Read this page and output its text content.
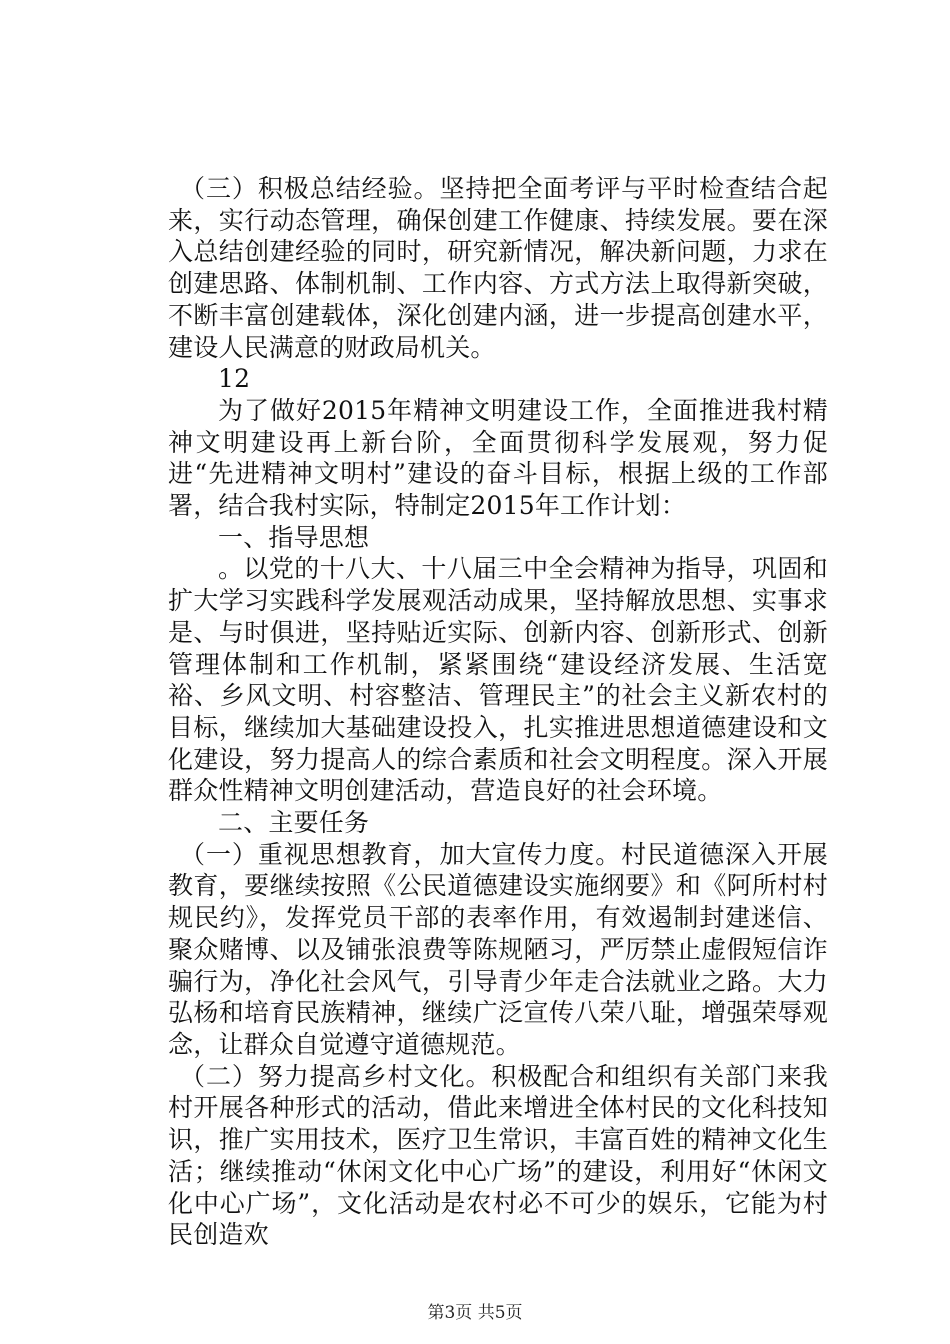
（三）积极总结经验。坚持把全面考评与平时检查结合起来，实行动态管理，确保创建工作健康、持续发展。要在深入总结创建经验的同时，研究新情况，解决新问题，力求在创建思路、体制机制、工作内容、方式方法上取得新突破，不断丰富创建载体，深化创建内涵，进一步提高创建水平，建设人民满意的财政局机关。

12

为了做好2015年精神文明建设工作，全面推进我村精神文明建设再上新台阶，全面贯彻科学发展观，努力促进“先进精神文明村”建设的奋斗目标，根据上级的工作部署，结合我村实际，特制定2015年工作计划：

一、指导思想

。以党的十八大、十八届三中全会精神为指导，巩固和扩大学习实践科学发展观活动成果，坚持解放思想、实事求是、与时俱进，坚持贴近实际、创新内容、创新形式、创新管理体制和工作机制，紧紧围绕“建设经济发展、生活宽裕、乡风文明、村容整洁、管理民主”的社会主义新农村的目标，继续加大基础建设投入，扎实推进思想道德建设和文化建设，努力提高人的综合素质和社会文明程度。深入开展群众性精神文明创建活动，营造良好的社会环境。

二、主要任务

（一）重视思想教育，加大宣传力度。村民道德深入开展教育，要继续按照《公民道德建设实施纲要》和《阿所村村规民约》，发挥党员干部的表率作用，有效遏制封建迷信、聚众赌博、以及铺张浪费等陈规陋习，严厉禁止虚假短信诈骗行为，净化社会风气，引导青少年走合法就业之路。大力弘杨和培育民族精神，继续广泛宣传八荣八耻，增强荣辱观念，让群众自觉遵守道德规范。

（二）努力提高乡村文化。积极配合和组织有关部门来我村开展各种形式的活动，借此来增进全体村民的文化科技知识，推广实用技术，医疗卫生常识，丰富百姓的精神文化生活；继续推动“休闲文化中心广场”的建设，利用好“休闲文化中心广场”，文化活动是农村必不可少的娱乐，它能为村民创造欢

第3页 共5页
